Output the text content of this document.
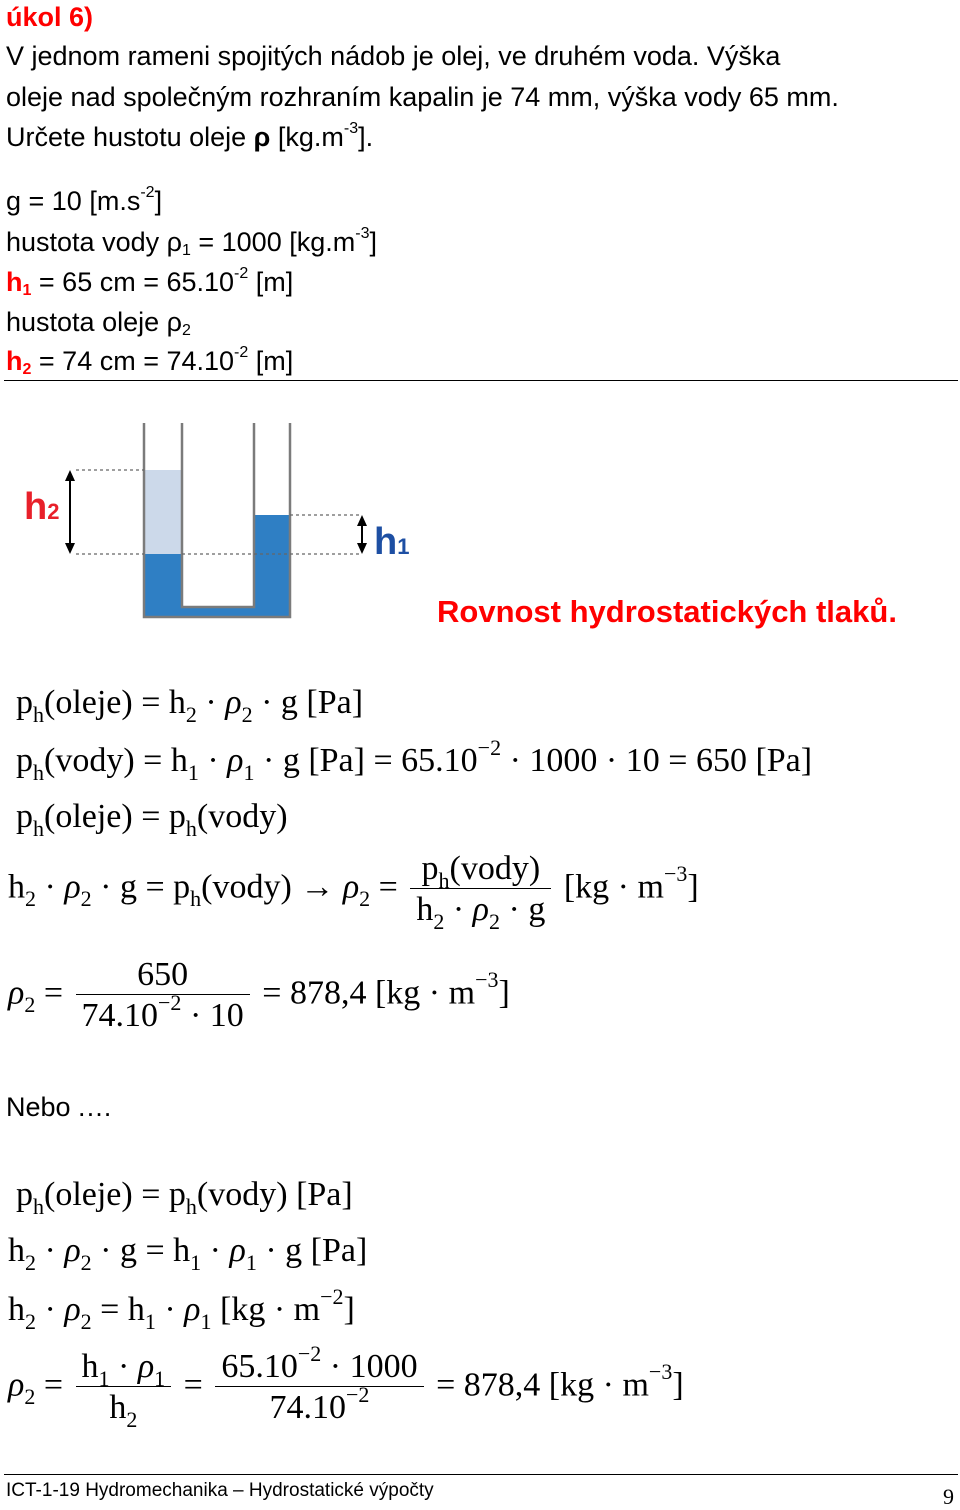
úkol 6)
V jednom rameni spojitých nádob je olej, ve druhém voda. Výška
oleje nad společným rozhraním kapalin je 74 mm, výška vody 65 mm.
Určete hustotu oleje ρ $[kg.m^{-3}]$.
g = 10 $[m.s^{-2}]$
hustota vody $\rho_1 = 1000$ $[kg.m^{-3}]$
$h_1 = 65$ cm = $65.10^{-2}$ [m]
hustota oleje $\rho_2$
$h_2 = 74$ cm = $74.10^{-2}$ [m]
h2
h1
Rovnost hydrostatických tlaků.
$p_h(oleje) = h_2 \cdot \rho_2 \cdot g$ [Pa]
$p_h(vody) = h_1 \cdot \rho_1 \cdot g$ $[Pa] = 65.10^{-2} \cdot 1000 \cdot 10 = 650$ [Pa]
$p_h(oleje)$ = $p_h(vody)$
$h_2 \cdot \rho_2 \cdot g$ = $p_h(vody) \to \rho_2 = \frac{p_h(vody)}{h_2 \cdot \rho_2 \cdot g} [kg \cdot m^{-3}]$
$\rho_2 = \frac{650}{74.10^{-2} \cdot 10} = 878,4$ $[kg \cdot m^{-3}]$
Nebo .…
$p_h(oleje)$ = $p_h(vody)$ [Pa]
$h_2 \cdot \rho_2 \cdot g = h_1 \cdot \rho_1 \cdot g$ [Pa]
$h_2 \cdot \rho_2 = h_1 \cdot \rho_1$ $[kg \cdot m^{-2}]$
$\rho_2 = \frac{h_1 \cdot \rho_1}{h_2} = \frac{65.10^{-2} \cdot 1000}{74.10^{-2}} = 878,4$ $[kg \cdot m^{-3}]$
ICT-1-19 Hydromechanika – Hydrostatické výpočty	9
